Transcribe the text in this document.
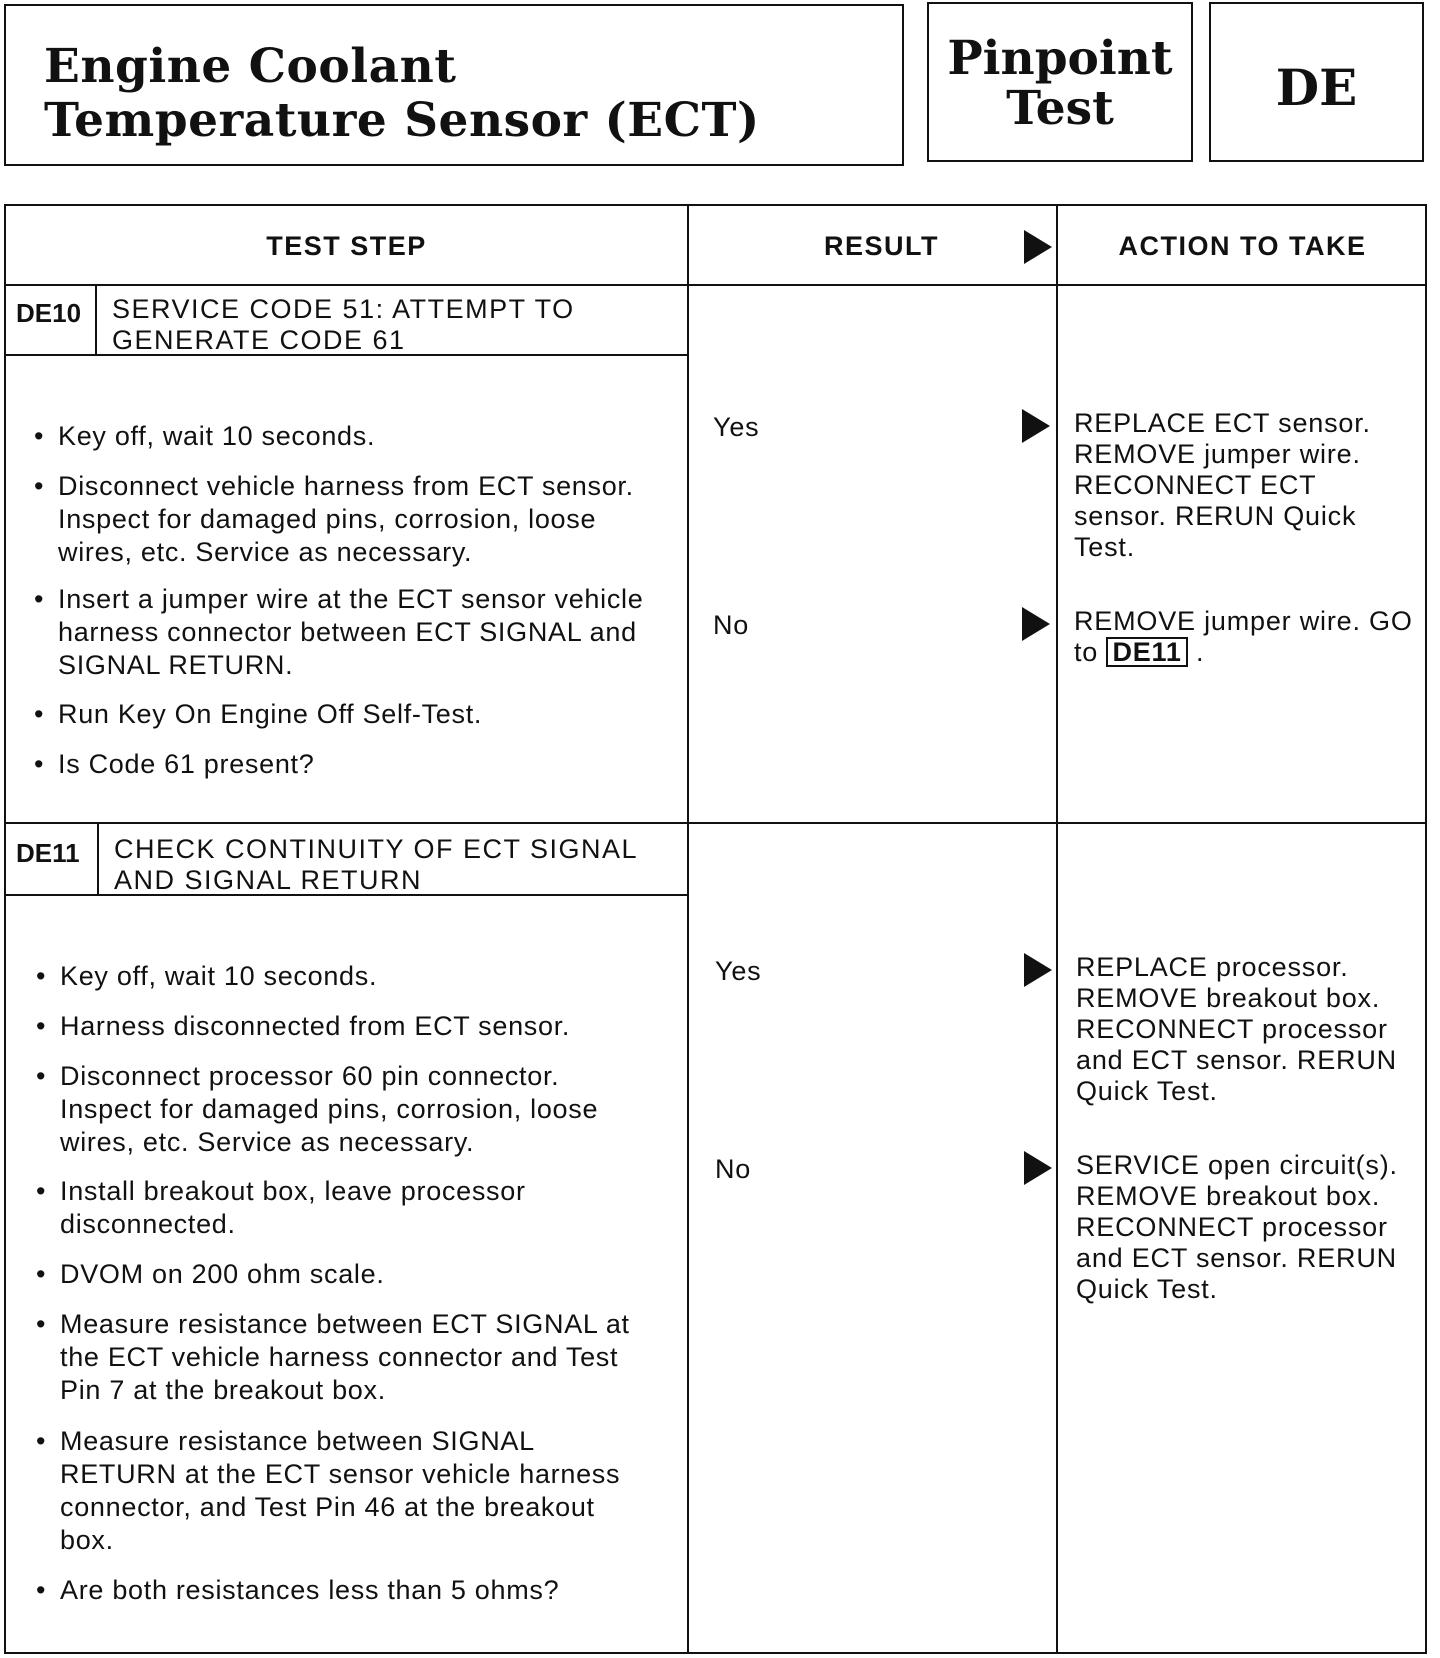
Engine Coolant
Temperature Sensor (ECT)
Pinpoint
Test	DE
TEST STEP	RESULT	ACTION TO TAKE
DE10 SERVICE CODE 51: ATTEMPT TO
GENERATE CODE 61
• Key off, wait 10 seconds.
• Disconnect vehicle harness from ECT sensor. Inspect for damaged pins, corrosion, loose wires, etc. Service as necessary.
• Insert a jumper wire at the ECT sensor vehicle harness connector between ECT SIGNAL and SIGNAL RETURN.
• Run Key On Engine Off Self-Test.
• Is Code 61 present?
Yes	REPLACE ECT sensor. REMOVE jumper wire. RECONNECT ECT sensor. RERUN Quick Test.
No	REMOVE jumper wire. GO to DE11 .
DE11 CHECK CONTINUITY OF ECT SIGNAL
AND SIGNAL RETURN
• Key off, wait 10 seconds.
• Harness disconnected from ECT sensor.
• Disconnect processor 60 pin connector. Inspect for damaged pins, corrosion, loose wires, etc. Service as necessary.
• Install breakout box, leave processor disconnected.
• DVOM on 200 ohm scale.
• Measure resistance between ECT SIGNAL at the ECT vehicle harness connector and Test Pin 7 at the breakout box.
• Measure resistance between SIGNAL RETURN at the ECT sensor vehicle harness connector, and Test Pin 46 at the breakout box.
• Are both resistances less than 5 ohms?
Yes	REPLACE processor. REMOVE breakout box. RECONNECT processor and ECT sensor. RERUN Quick Test.
No	SERVICE open circuit(s). REMOVE breakout box. RECONNECT processor and ECT sensor. RERUN Quick Test.
